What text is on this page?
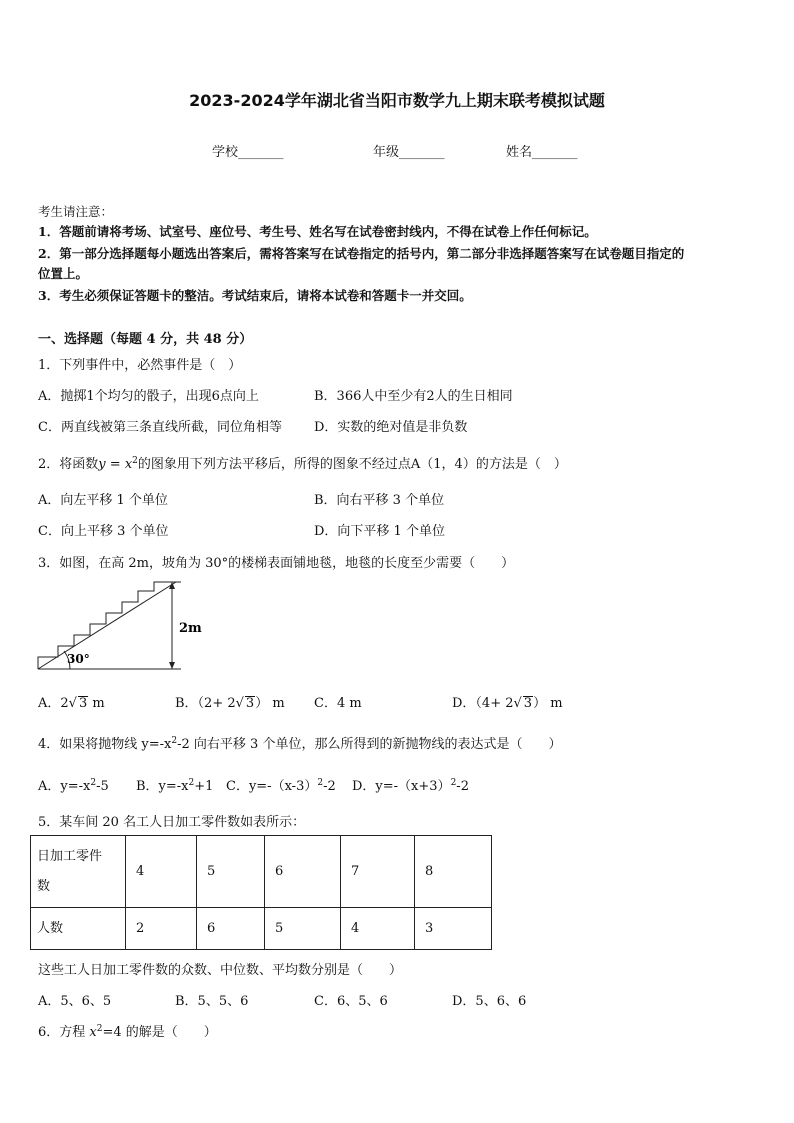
2023-2024学年湖北省当阳市数学九上期末联考模拟试题
学校_______	年级_______	姓名_______
考生请注意：
1．答题前请将考场、试室号、座位号、考生号、姓名写在试卷密封线内，不得在试卷上作任何标记。
2．第一部分选择题每小题选出答案后，需将答案写在试卷指定的括号内，第二部分非选择题答案写在试卷题目指定的
位置上。
3．考生必须保证答题卡的整洁。考试结束后，请将本试卷和答题卡一并交回。
一、选择题（每题 4 分，共 48 分）
1．下列事件中，必然事件是（　）
A．抛掷1个均匀的骰子，出现6点向上	B．366人中至少有2人的生日相同
C．两直线被第三条直线所截，同位角相等 D．实数的绝对值是非负数
2．将函数$y = x^2$的图象用下列方法平移后，所得的图象不经过点A（1，4）的方法是（　）
A．向左平移 1 个单位	B．向右平移 3 个单位
C．向上平移 3 个单位	D．向下平移 1 个单位
3．如图，在高 2m，坡角为 30°的楼梯表面铺地毯，地毯的长度至少需要（　　）
2m
30°
A．2√ 3 m	B．（2+ 2√ 3） m C．4 m	D．（4+ 2√ 3） m
4．如果将抛物线 $y=-x^2-2$ 向右平移 3 个单位，那么所得到的新抛物线的表达式是（　　）
A．$y=-x^2-5$ B．$y=-x^2+1$ C．$y=-(x-3)^2-2$ D．$y=-(x+3)^2-2$
5．某车间 20 名工人日加工零件数如表所示：
日加工零件
数	4	5	6	7	8
人数	2	6	5	4	3
这些工人日加工零件数的众数、中位数、平均数分别是（　　）
A．5、6、5	B．5、5、6	C．6、5、6	D．5、6、6
6．方程 $x^2=4$ 的解是（　　）
